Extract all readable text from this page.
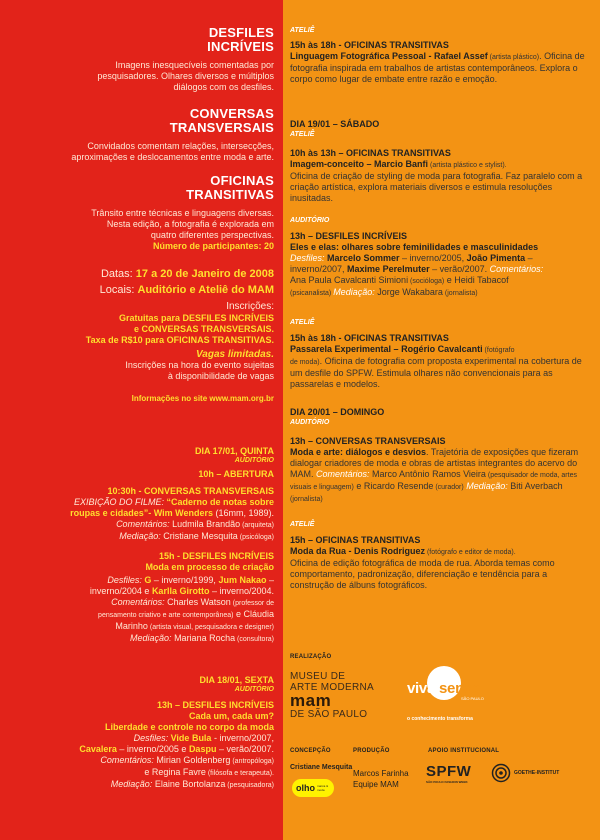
DESFILES
INCRÍVEIS
Imagens inesquecíveis comentadas por
pesquisadores. Olhares diversos e múltiplos
diálogos com os desfiles.
CONVERSAS
TRANSVERSAIS
Convidados comentam relações, intersecções,
aproximações e deslocamentos entre moda e arte.
OFICINAS
TRANSITIVAS
Trânsito entre técnicas e linguagens diversas.
Nesta edição, a fotografia é explorada em
quatro diferentes perspectivas.
Número de participantes: 20
Datas: 17 a 20 de Janeiro de 2008
Locais: Auditório e Ateliê do MAM
Inscrições:
Gratuitas para DESFILES INCRÍVEIS
e CONVERSAS TRANSVERSAIS.
Taxa de R$10 para OFICINAS TRANSITIVAS.
Vagas limitadas.
Inscrições na hora do evento sujeitas
à disponibilidade de vagas
Informações no site www.mam.org.br
DIA 17/01, QUINTA
AUDITÓRIO
10h – ABERTURA
10:30h - CONVERSAS TRANSVERSAIS
EXIBIÇÃO DO FILME: “Caderno de notas sobre
roupas e cidades”- Wim Wenders (16mm, 1989).
Comentários: Ludmila Brandão (arquiteta)
Mediação: Cristiane Mesquita (psicóloga)
15h - DESFILES INCRÍVEIS
Moda em processo de criação
Desfiles: G – inverno/1999, Jum Nakao –
inverno/2004 e Karlla Girotto – inverno/2004.
Comentários: Charles Watson (professor de
pensamento criativo e arte contemporânea) e Cláudia
Marinho (artista visual, pesquisadora e designer)
Mediação: Mariana Rocha (consultora)
DIA 18/01, SEXTA
AUDITÓRIO
13h – DESFILES INCRÍVEIS
Cada um, cada um?
Liberdade e controle no corpo da moda
Desfiles: Vide Bula - inverno/2007,
Cavalera – inverno/2005 e Daspu – verão/2007.
Comentários: Mirian Goldenberg (antropóloga)
e Regina Favre (filósofa e terapeuta).
Mediação: Elaine Bortolanza (pesquisadora)
ATELIÊ
15h às 18h - OFICINAS TRANSITIVAS
Linguagem Fotográfica Pessoal - Rafael Assef (artista plástico). Oficina de fotografia inspirada em trabalhos de artistas contemporâneos. Explora o corpo como lugar de embate entre razão e emoção.
DIA 19/01 – SÁBADO
ATELIÊ
10h às 13h – OFICINAS TRANSITIVAS
Imagem-conceito – Marcio Banfi (artista plástico e stylist).
Oficina de criação de styling de moda para fotografia. Faz paralelo com a criação artística, explora materiais diversos e estimula resoluções inusitadas.
AUDITÓRIO
13h – DESFILES INCRÍVEIS
Eles e elas: olhares sobre feminilidades e masculinidades
Desfiles: Marcelo Sommer – inverno/2005, João Pimenta –
inverno/2007, Maxime Perelmuter – verão/2007. Comentários:
Ana Paula Cavalcanti Simioni (socióloga) e Heidi Tabacof
(psicanalista) Mediação: Jorge Wakabara (jornalista)
ATELIÊ
15h às 18h - OFICINAS TRANSITIVAS
Passarela Experimental – Rogério Cavalcanti (fotógrafo
de moda). Oficina de fotografia com proposta experimental na cobertura de um desfile do SPFW. Estimula olhares não convencionais para as passarelas e modelos.
DIA 20/01 – DOMINGO
AUDITÓRIO
13h – CONVERSAS TRANSVERSAIS
Moda e arte: diálogos e desvios. Trajetória de exposições que fizeram dialogar criadores de moda e obras de artistas integrantes do acervo do MAM. Comentários: Marco Antônio Ramos Vieira (pesquisador de moda, artes visuais e linguagem) e Ricardo Resende (curador) Mediação: Biti Averbach (jornalista)
ATELIÊ
15h – OFICINAS TRANSITIVAS
Moda da Rua - Denis Rodriguez (fotógrafo e editor de moda).
Oficina de edição fotográfica de moda de rua. Aborda temas como comportamento, padronização, diferenciação e tendência para a construção de álbuns fotográficos.
REALIZAÇÃO
MUSEU DE
ARTE MODERNA
mam
DE SÃO PAULO
viva senac
SÃO PAULO
o conhecimento transforma
CONCEPÇÃO
Cristiane Mesquita
olho marca & moda
PRODUÇÃO
Marcos Farinha
Equipe MAM
APOIO INSTITUCIONAL
SPFW
SÃO PAULO FASHION WEEK
GOETHE-INSTITUT
